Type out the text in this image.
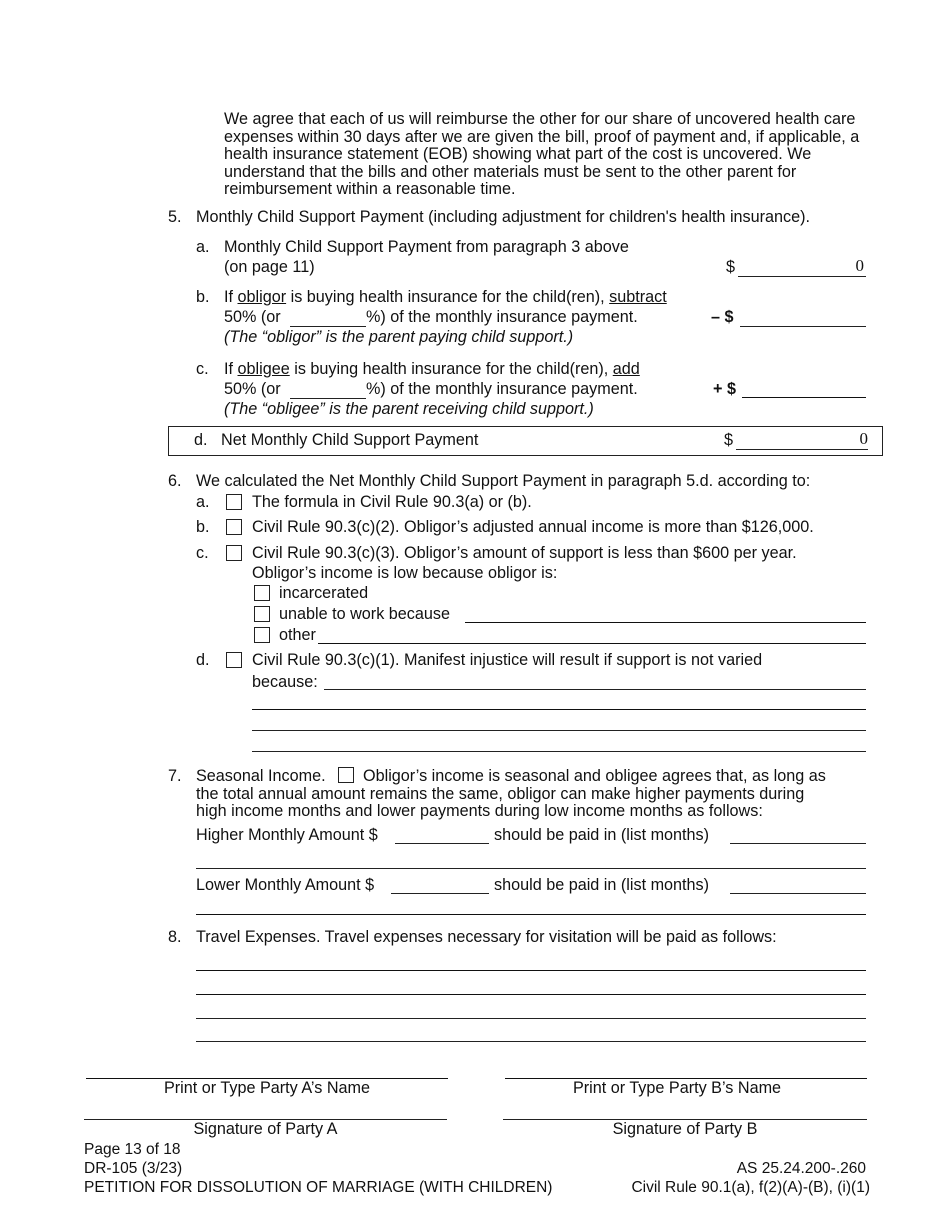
We agree that each of us will reimburse the other for our share of uncovered health care expenses within 30 days after we are given the bill, proof of payment and, if applicable, a health insurance statement (EOB) showing what part of the cost is uncovered. We understand that the bills and other materials must be sent to the other parent for reimbursement within a reasonable time.
5. Monthly Child Support Payment (including adjustment for children's health insurance).
a. Monthly Child Support Payment from paragraph 3 above
(on page 11)	$	0
b. If obligor is buying health insurance for the child(ren), subtract
50% (or	%) of the monthly insurance payment.
(The “obligor” is the parent paying child support.)
– $
c. If obligee is buying health insurance for the child(ren), add
50% (or	%) of the monthly insurance payment.
(The “obligee” is the parent receiving child support.)
+ $
d. Net Monthly Child Support Payment	$	0
6. We calculated the Net Monthly Child Support Payment in paragraph 5.d. according to:
a.	The formula in Civil Rule 90.3(a) or (b).
b.	Civil Rule 90.3(c)(2). Obligor’s adjusted annual income is more than $126,000.
c.	Civil Rule 90.3(c)(3). Obligor’s amount of support is less than $600 per year.
Obligor’s income is low because obligor is:
incarcerated
unable to work because
other
d.	Civil Rule 90.3(c)(1). Manifest injustice will result if support is not varied
because:
7. Seasonal Income. Obligor’s income is seasonal and obligee agrees that, as long as
the total annual amount remains the same, obligor can make higher payments during
high income months and lower payments during low income months as follows:
Higher Monthly Amount $	should be paid in (list months)
Lower Monthly Amount $	should be paid in (list months)
8. Travel Expenses. Travel expenses necessary for visitation will be paid as follows:
Print or Type Party A’s Name	Print or Type Party B’s Name
Signature of Party A	Signature of Party B
Page 13 of 18
DR-105 (3/23)
PETITION FOR DISSOLUTION OF MARRIAGE (WITH CHILDREN)
AS 25.24.200-.260
Civil Rule 90.1(a), f(2)(A)-(B), (i)(1)
